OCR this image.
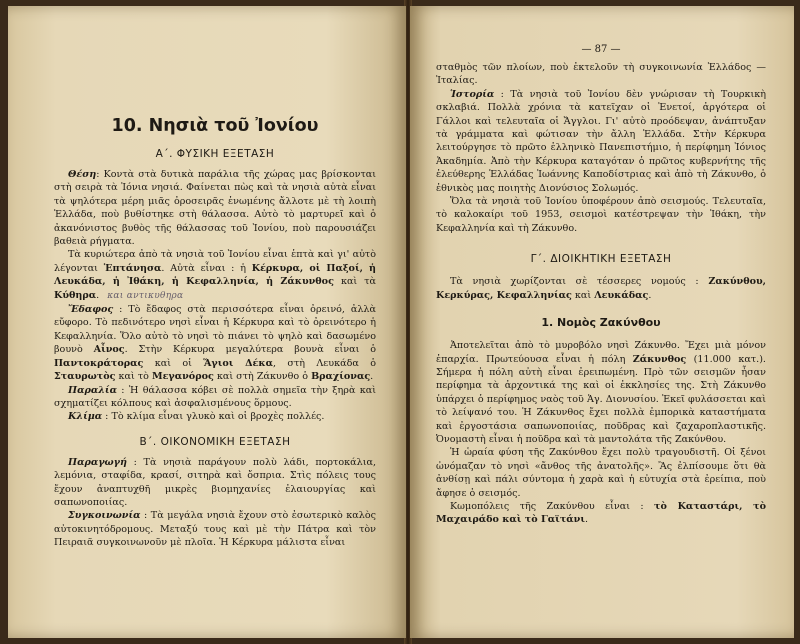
10. Νησιὰ τοῦ Ἰονίου
Α΄. ΦΥΣΙΚΗ ΕΞΕΤΑΣΗ

Θέση: Κοντὰ στὰ δυτικὰ παράλια τῆς χώρας μας βρίσκονται στὴ σειρὰ τὰ Ἰόνια νησιά. Φαίνεται πὼς καὶ τὰ νησιὰ αὐτὰ εἶναι τὰ ψηλότερα μέρη μιᾶς ὀροσειρᾶς ἑνωμένης ἄλλοτε μὲ τὴ λοιπὴ Ἑλλάδα, ποὺ βυθίστηκε στὴ θάλασσα. Αὐτὸ τὸ μαρτυρεῖ καὶ ὁ ἀκανόνιστος βυθὸς τῆς θάλασσας τοῦ Ἰονίου, ποὺ παρουσιάζει βαθειὰ ρήγματα.

Τὰ κυριώτερα ἀπὸ τὰ νησιὰ τοῦ Ἰονίου εἶναι ἑπτὰ καὶ γι' αὐτὸ λέγονται Ἑπτάνησα. Αὐτὰ εἶναι : ἡ Κέρκυρα, οἱ Παξοί, ἡ Λευκάδα, ἡ Ἰθάκη, ἡ Κεφαλληνία, ἡ Ζάκυνθος καὶ τὰ Κύθηρα. και αντικυθηρα

Ἔδαφος : Τὸ ἔδαφος στὰ περισσότερα εἶναι ὀρεινό, ἀλλὰ εὔφορο. Τὸ πεδινότερο νησὶ εἶναι ἡ Κέρκυρα καὶ τὸ ὀρεινότερο ἡ Κεφαλληνία. Ὅλο αὐτὸ τὸ νησὶ τὸ πιάνει τὸ ψηλὸ καὶ δασωμένο βουνὸ Αἶνος. Στὴν Κέρκυρα μεγαλύτερα βουνὰ εἶναι ὁ Παντοκράτορας καὶ οἱ Ἅγιοι Δέκα, στὴ Λευκάδα ὁ Σταυρωτὸς καὶ τὸ Μεγανόρος καὶ στὴ Ζάκυνθο ὁ Βραχίονας.

Παραλία : Ἡ θάλασσα κόβει σὲ πολλὰ σημεῖα τὴν ξηρὰ καὶ σχηματίζει κόλπους καὶ ἀσφαλισμένους ὅρμους.

Κλίμα : Τὸ κλίμα εἶναι γλυκὸ καὶ οἱ βροχὲς πολλές.

Β΄. ΟΙΚΟΝΟΜΙΚΗ ΕΞΕΤΑΣΗ

Παραγωγή : Τὰ νησιὰ παράγουν πολὺ λάδι, πορτοκάλια, λεμόνια, σταφίδα, κρασί, σιτηρὰ καὶ ὄσπρια. Στὶς πόλεις τους ἔχουν ἀναπτυχθῆ μικρὲς βιομηχανίες ἐλαιουργίας καὶ σαπωνοποιίας.

Συγκοινωνία : Τὰ μεγάλα νησιὰ ἔχουν στὸ ἐσωτερικὸ καλὸς αὐτοκινητόδρομους. Μεταξύ τους καὶ μὲ τὴν Πάτρα καὶ τὸν Πειραιᾶ συγκοινωνοῦν μὲ πλοῖα. Ἡ Κέρκυρα μάλιστα εἶναι

— 87 —

σταθμὸς τῶν πλοίων, ποὺ ἐκτελοῦν τὴ συγκοινωνία Ἑλλάδος — Ἰταλίας.

Ἱστορία : Τὰ νησιὰ τοῦ Ἰονίου δὲν γνώρισαν τὴ Τουρκικὴ σκλαβιά. Πολλὰ χρόνια τὰ κατεῖχαν οἱ Ἐνετοί, ἀργότερα οἱ Γάλλοι καὶ τελευταῖα οἱ Ἄγγλοι. Γι' αὐτὸ προόδεψαν, ἀνάπτυξαν τὰ γράμματα καὶ φώτισαν τὴν ἄλλη Ἑλλάδα. Στὴν Κέρκυρα λειτούργησε τὸ πρῶτο ἑλληνικὸ Πανεπιστήμιο, ἡ περίφημη Ἰόνιος Ἀκαδημία. Ἀπὸ τὴν Κέρκυρα καταγόταν ὁ πρῶτος κυβερνήτης τῆς ἐλεύθερης Ἑλλάδας Ἰωάννης Καποδίστριας καὶ ἀπὸ τὴ Ζάκυνθο, ὁ ἐθνικὸς μας ποιητὴς Διονύσιος Σολωμός.

Ὅλα τὰ νησιὰ τοῦ Ἰονίου ὑποφέρουν ἀπὸ σεισμούς. Τελευταῖα, τὸ καλοκαίρι τοῦ 1953, σεισμοὶ κατέστρεψαν τὴν Ἰθάκη, τὴν Κεφαλληνία καὶ τὴ Ζάκυνθο.

Γ΄. ΔΙΟΙΚΗΤΙΚΗ ΕΞΕΤΑΣΗ

Τὰ νησιὰ χωρίζονται σὲ τέσσερες νομούς : Ζακύνθου, Κερκύρας, Κεφαλληνίας καὶ Λευκάδας.

1. Νομὸς Ζακύνθου

Ἀποτελεῖται ἀπὸ τὸ μυροβόλο νησὶ Ζάκυνθο. Ἔχει μιὰ μόνον ἐπαρχία. Πρωτεύουσα εἶναι ἡ πόλη Ζάκυνθος (11.000 κατ.). Σήμερα ἡ πόλη αὐτὴ εἶναι ἐρειπωμένη. Πρὸ τῶν σεισμῶν ἦσαν περίφημα τὰ ἀρχοντικά της καὶ οἱ ἐκκλησίες της. Στὴ Ζάκυνθο ὑπάρχει ὁ περίφημος ναὸς τοῦ Ἁγ. Διονυσίου. Ἐκεῖ φυλάσσεται καὶ τὸ λείψανό του. Ἡ Ζάκυνθος ἔχει πολλὰ ἐμπορικὰ καταστήματα καὶ ἐργοστάσια σαπωνοποιίας, ποῦδρας καὶ ζαχαροπλαστικῆς. Ὀνομαστὴ εἶναι ἡ ποῦδρα καὶ τὰ μαντολάτα τῆς Ζακύνθου.

Ἡ ὡραία φύση τῆς Ζακύνθου ἔχει πολὺ τραγουδιστῆ. Οἱ ξένοι ὠνόμαζαν τὸ νησὶ «ἄνθος τῆς ἀνατολῆς». Ἂς ἐλπίσουμε ὅτι θὰ ἀνθίσῃ καὶ πάλι σύντομα ἡ χαρὰ καὶ ἡ εὐτυχία στὰ ἐρείπια, ποὺ ἄφησε ὁ σεισμός.

Κωμοπόλεις τῆς Ζακύνθου εἶναι : τὸ Καταστάρι, τὸ Μαχαιράδο καὶ τὸ Γαϊτάνι.
